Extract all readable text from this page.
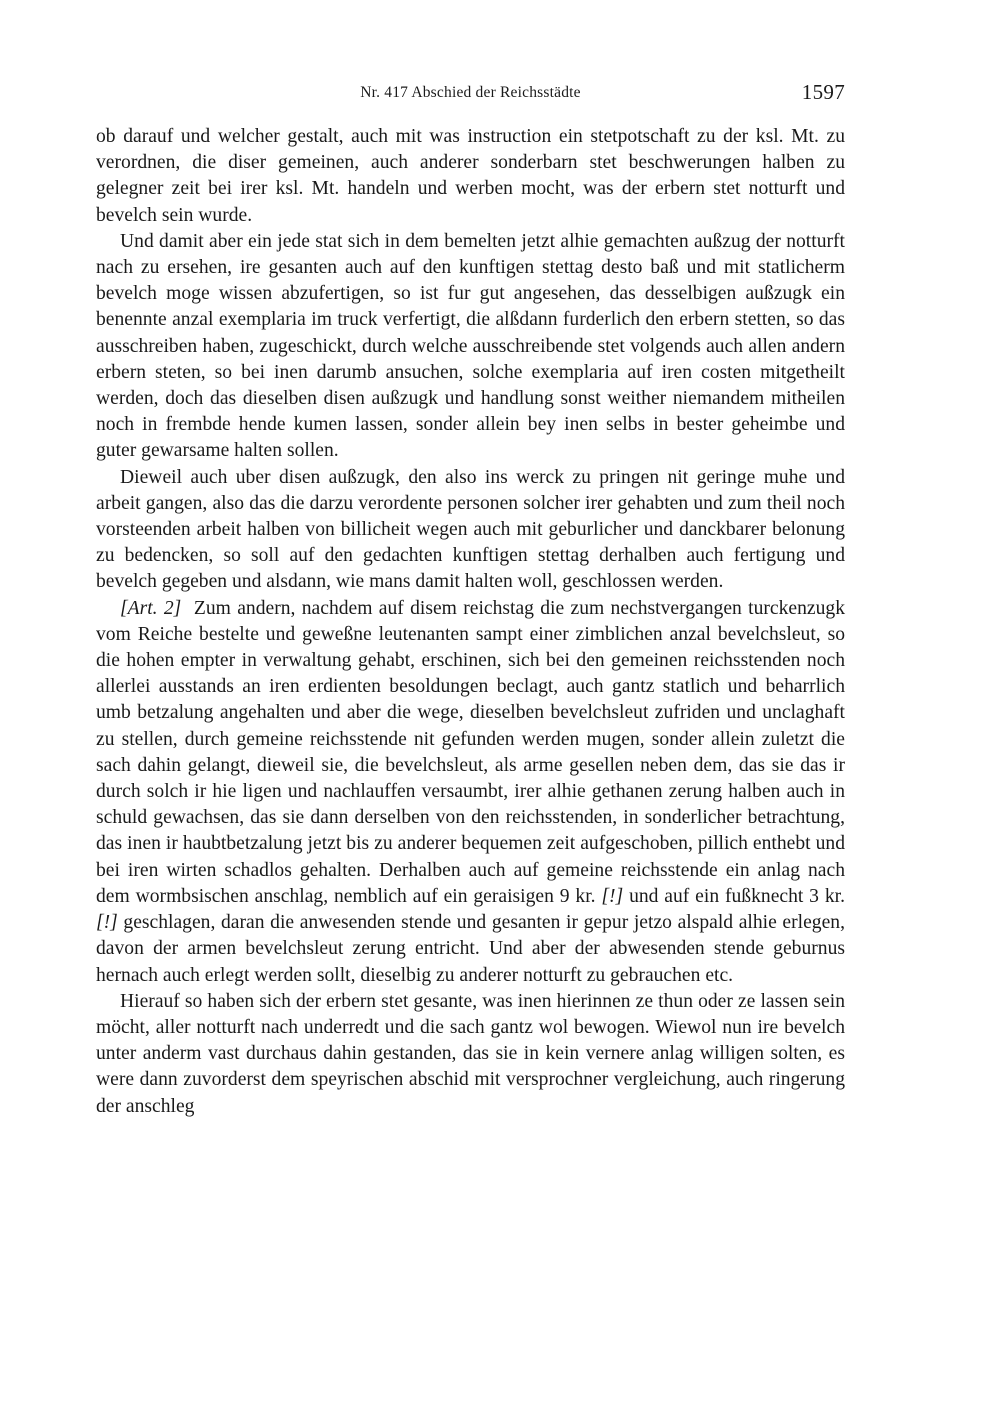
Nr. 417 Abschied der Reichsstädte	1597

ob darauf und welcher gestalt, auch mit was instruction ein stetpotschaft zu der ksl. Mt. zu verordnen, die diser gemeinen, auch anderer sonderbarn stet beschwerungen halben zu gelegner zeit bei irer ksl. Mt. handeln und werben mocht, was der erbern stet notturft und bevelch sein wurde.

Und damit aber ein jede stat sich in dem bemelten jetzt alhie gemachten außzug der notturft nach zu ersehen, ire gesanten auch auf den kunftigen stettag desto baß und mit statlicherm bevelch moge wissen abzufertigen, so ist fur gut angesehen, das desselbigen außzugk ein benennte anzal exemplaria im truck verfertigt, die alßdann furderlich den erbern stetten, so das ausschreiben haben, zugeschickt, durch welche ausschreibende stet volgends auch allen andern erbern steten, so bei inen darumb ansuchen, solche exemplaria auf iren costen mitgetheilt werden, doch das dieselben disen außzugk und handlung sonst weither niemandem mitheilen noch in frembde hende kumen lassen, sonder allein bey inen selbs in bester geheimbe und guter gewarsame halten sollen.

Dieweil auch uber disen außzugk, den also ins werck zu pringen nit geringe muhe und arbeit gangen, also das die darzu verordente personen solcher irer gehabten und zum theil noch vorsteenden arbeit halben von billicheit wegen auch mit geburlicher und danckbarer belonung zu bedencken, so soll auf den gedachten kunftigen stettag derhalben auch fertigung und bevelch gegeben und alsdann, wie mans damit halten woll, geschlossen werden.

[Art. 2] Zum andern, nachdem auf disem reichstag die zum nechstvergangen turckenzugk vom Reiche bestelte und geweßne leutenanten sampt einer zimblichen anzal bevelchsleut, so die hohen empter in verwaltung gehabt, erschinen, sich bei den gemeinen reichsstenden noch allerlei ausstands an iren erdienten besoldungen beclagt, auch gantz statlich und beharrlich umb betzalung angehalten und aber die wege, dieselben bevelchsleut zufriden und unclaghaft zu stellen, durch gemeine reichsstende nit gefunden werden mugen, sonder allein zuletzt die sach dahin gelangt, dieweil sie, die bevelchsleut, als arme gesellen neben dem, das sie das ir durch solch ir hie ligen und nachlauffen versaumbt, irer alhie gethanen zerung halben auch in schuld gewachsen, das sie dann derselben von den reichsstenden, in sonderlicher betrachtung, das inen ir haubtbetzalung jetzt bis zu anderer bequemen zeit aufgeschoben, pillich enthebt und bei iren wirten schadlos gehalten. Derhalben auch auf gemeine reichsstende ein anlag nach dem wormbsischen anschlag, nemblich auf ein geraisigen 9 kr. [!] und auf ein fußknecht 3 kr. [!] geschlagen, daran die anwesenden stende und gesanten ir gepur jetzo alspald alhie erlegen, davon der armen bevelchsleut zerung entricht. Und aber der abwesenden stende geburnus hernach auch erlegt werden sollt, dieselbig zu anderer notturft zu gebrauchen etc.

Hierauf so haben sich der erbern stet gesante, was inen hierinnen ze thun oder ze lassen sein möcht, aller notturft nach underredt und die sach gantz wol bewogen. Wiewol nun ire bevelch unter anderm vast durchaus dahin gestanden, das sie in kein vernere anlag willigen solten, es were dann zuvorderst dem speyrischen abschid mit versprochner vergleichung, auch ringerung der anschleg
